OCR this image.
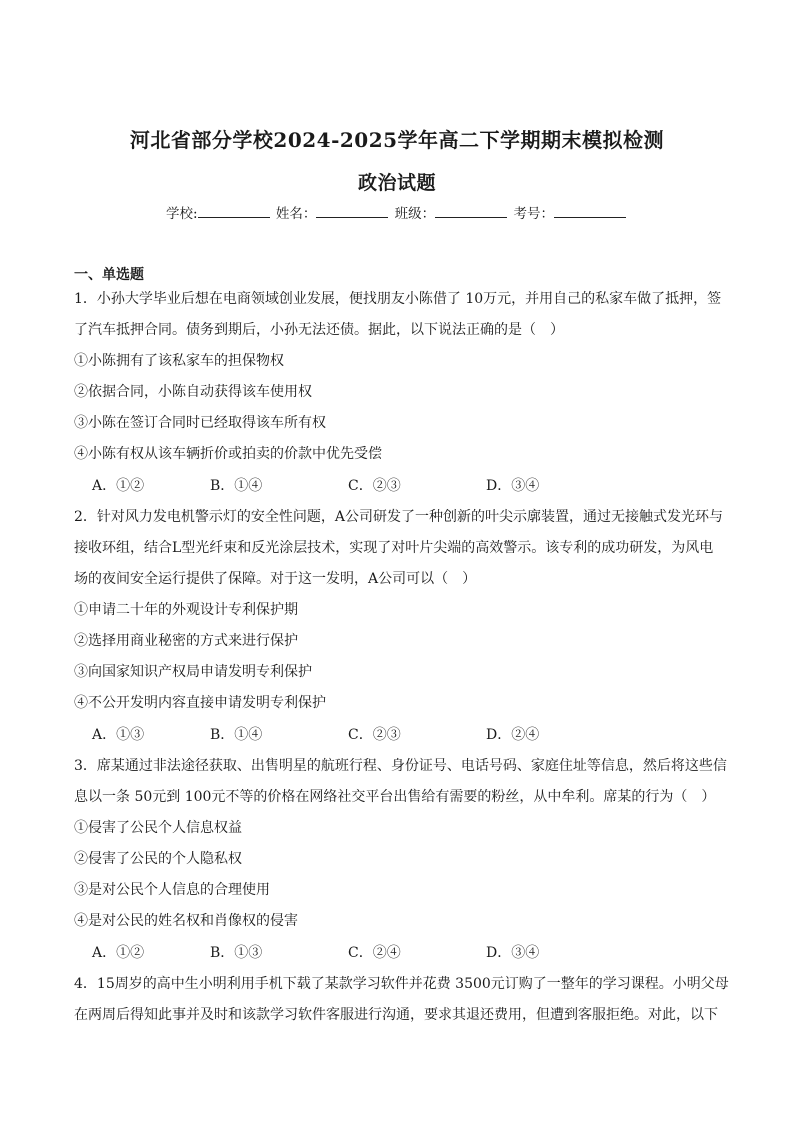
河北省部分学校2024-2025学年高二下学期期末模拟检测
政治试题
学校:	姓名：	班级：	考号：
一、单选题
1．小孙大学毕业后想在电商领域创业发展，便找朋友小陈借了 10万元，并用自己的私家车做了抵押，签
了汽车抵押合同。债务到期后，小孙无法还债。据此，以下说法正确的是（　）
①小陈拥有了该私家车的担保物权
②依据合同，小陈自动获得该车使用权
③小陈在签订合同时已经取得该车所有权
④小陈有权从该车辆折价或拍卖的价款中优先受偿
A．①②	B．①④	C．②③	D．③④
2．针对风力发电机警示灯的安全性问题，A公司研发了一种创新的叶尖示廓装置，通过无接触式发光环与
接收环组，结合L型光纤束和反光涂层技术，实现了对叶片尖端的高效警示。该专利的成功研发，为风电
场的夜间安全运行提供了保障。对于这一发明，A公司可以（　）
①申请二十年的外观设计专利保护期
②选择用商业秘密的方式来进行保护
③向国家知识产权局申请发明专利保护
④不公开发明内容直接申请发明专利保护
A．①③	B．①④	C．②③	D．②④
3．席某通过非法途径获取、出售明星的航班行程、身份证号、电话号码、家庭住址等信息，然后将这些信
息以一条 50元到 100元不等的价格在网络社交平台出售给有需要的粉丝，从中牟利。席某的行为（　）
①侵害了公民个人信息权益
②侵害了公民的个人隐私权
③是对公民个人信息的合理使用
④是对公民的姓名权和肖像权的侵害
A．①②	B．①③	C．②④	D．③④
4．15周岁的高中生小明利用手机下载了某款学习软件并花费 3500元订购了一整年的学习课程。小明父母
在两周后得知此事并及时和该款学习软件客服进行沟通，要求其退还费用，但遭到客服拒绝。对此，以下
